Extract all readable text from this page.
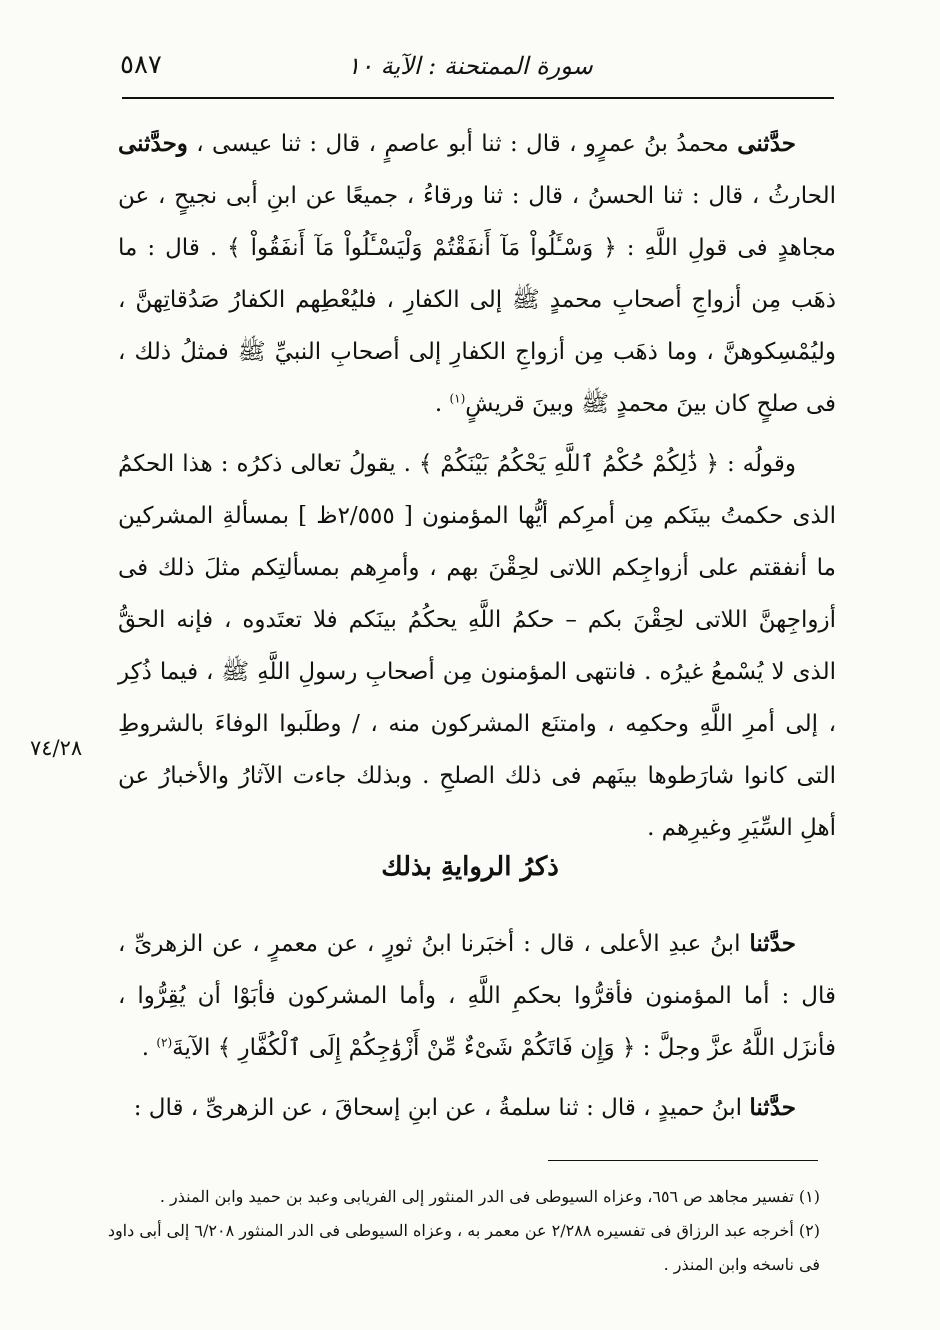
سورة الممتحنة : الآية ١٠
٥٨٧

حدَّثنى محمدُ بنُ عمرٍو ، قال : ثنا أبو عاصمٍ ، قال : ثنا عيسى ، وحدَّثنى الحارثُ ، قال : ثنا الحسنُ ، قال : ثنا ورقاءُ ، جميعًا عن ابنِ أبى نجيحٍ ، عن مجاهدٍ فى قولِ اللَّهِ : ﴿ وَسْـَٔلُواْ مَآ أَنفَقْتُمْ وَلْيَسْـَٔلُواْ مَآ أَنفَقُواْ ﴾ . قال : ما ذهَب مِن أزواجِ أصحابِ محمدٍ ﷺ إلى الكفارِ ، فليُعْطِهم الكفارُ صَدُقاتِهنَّ ، وليُمْسِكوهنَّ ، وما ذهَب مِن أزواجِ الكفارِ إلى أصحابِ النبيِّ ﷺ فمثلُ ذلك ، فى صلحٍ كان بينَ محمدٍ ﷺ وبينَ قريشٍ$^{(١)}$ .

وقولُه : ﴿ ذَٰلِكُمْ حُكْمُ ٱللَّهِ يَحْكُمُ بَيْنَكُمْ ﴾ . يقولُ تعالى ذكرُه : هذا الحكمُ الذى حكمتُ بينَكم مِن أمرِكم أيُّها المؤمنون [ ٢/٥٥٥ظ ] بمسألةِ المشركين ما أنفقتم على أزواجِكم اللاتى لحِقْنَ بهم ، وأمرِهم بمسألتِكم مثلَ ذلك فى أزواجِهنَّ اللاتى لحِقْنَ بكم – حكمُ اللَّهِ يحكُمُ بينَكم فلا تعتَدوه ، فإنه الحقُّ الذى لا يُسْمعُ غيرُه . فانتهى المؤمنون مِن أصحابِ رسولِ اللَّهِ ﷺ ، فيما ذُكِر ، إلى أمرِ اللَّهِ وحكمِه ، وامتنَع المشركون منه ، / وطلَبوا الوفاءَ بالشروطِ التى كانوا شارَطوها بينَهم فى ذلك الصلحِ . وبذلك جاءت الآثارُ والأخبارُ عن أهلِ السِّيَرِ وغيرِهم .

٧٤/٢٨
ذكرُ الروايةِ بذلك

حدَّثنا ابنُ عبدِ الأعلى ، قال : أخبَرنا ابنُ ثورٍ ، عن معمرٍ ، عن الزهرىِّ ، قال : أما المؤمنون فأقرُّوا بحكمِ اللَّهِ ، وأما المشركون فأبَوْا أن يُقِرُّوا ، فأنزَل اللَّهُ عزَّ وجلَّ : ﴿ وَإِن فَاتَكُمْ شَىْءٌ مِّنْ أَزْوَٰجِكُمْ إِلَى ٱلْكُفَّارِ ﴾ الآيةَ$^{(٢)}$ .

حدَّثنا ابنُ حميدٍ ، قال : ثنا سلمةُ ، عن ابنِ إسحاقَ ، عن الزهرىِّ ، قال :

(١) تفسير مجاهد ص ٦٥٦، وعزاه السيوطى فى الدر المنثور إلى الفريابى وعبد بن حميد وابن المنذر .

(٢) أخرجه عبد الرزاق فى تفسيره ٢/٢٨٨ عن معمر به ، وعزاه السيوطى فى الدر المنثور ٦/٢٠٨ إلى أبى داود فى ناسخه وابن المنذر .
